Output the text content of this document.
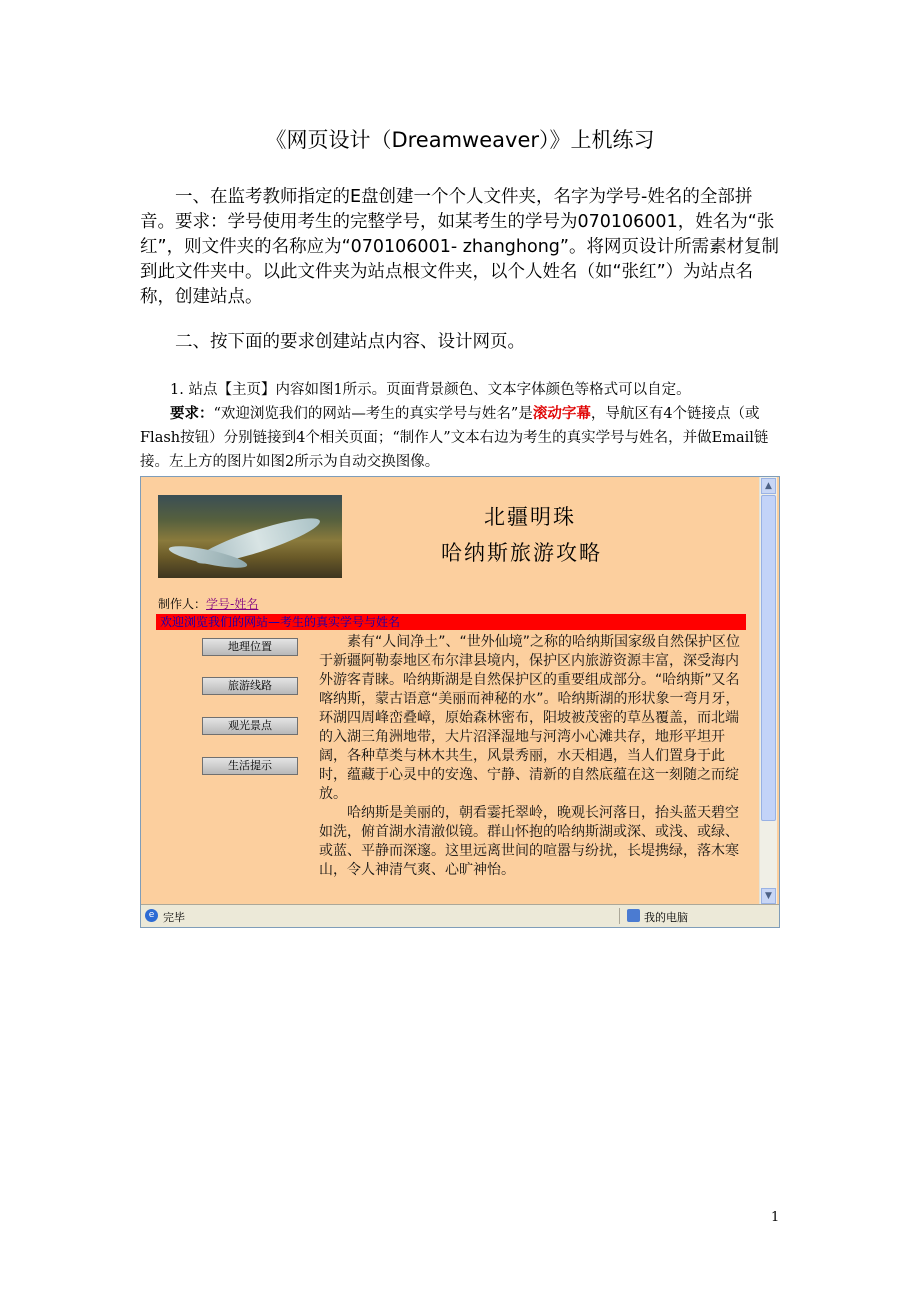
《网页设计（Dreamweaver）》上机练习
一、在监考教师指定的E盘创建一个个人文件夹，名字为学号-姓名的全部拼音。要求：学号使用考生的完整学号，如某考生的学号为070106001，姓名为“张红”，则文件夹的名称应为“070106001- zhanghong”。将网页设计所需素材复制到此文件夹中。以此文件夹为站点根文件夹，以个人姓名（如“张红”）为站点名称，创建站点。
二、按下面的要求创建站点内容、设计网页。
1. 站点【主页】内容如图1所示。页面背景颜色、文本字体颜色等格式可以自定。
要求：“欢迎浏览我们的网站—考生的真实学号与姓名”是滚动字幕，导航区有4个链接点（或Flash按钮）分别链接到4个相关页面；“制作人”文本右边为考生的真实学号与姓名，并做Email链接。左上方的图片如图2所示为自动交换图像。
北疆明珠
哈纳斯旅游攻略
制作人：学号-姓名
欢迎浏览我们的网站—考生的真实学号与姓名
地理位置
旅游线路
观光景点
生活提示

素有“人间净土”、“世外仙境”之称的哈纳斯国家级自然保护区位于新疆阿勒泰地区布尔津县境内，保护区内旅游资源丰富，深受海内外游客青睐。哈纳斯湖是自然保护区的重要组成部分。“哈纳斯”又名喀纳斯，蒙古语意“美丽而神秘的水”。哈纳斯湖的形状象一弯月牙，环湖四周峰峦叠嶂，原始森林密布，阳坡被茂密的草丛覆盖，而北端的入湖三角洲地带，大片沼泽湿地与河湾小心滩共存，地形平坦开阔，各种草类与林木共生，风景秀丽，水天相遇，当人们置身于此时，蕴藏于心灵中的安逸、宁静、清新的自然底蕴在这一刻随之而绽放。

哈纳斯是美丽的，朝看霎托翠岭，晚观长河落日，抬头蓝天碧空如洗，俯首湖水清澈似镜。群山怀抱的哈纳斯湖或深、或浅、或绿、或蓝、平静而深邃。这里远离世间的喧嚣与纷扰，长堤携绿，落木寒山，令人神清气爽、心旷神怡。

▲
▼
e 完毕	我的电脑
1
